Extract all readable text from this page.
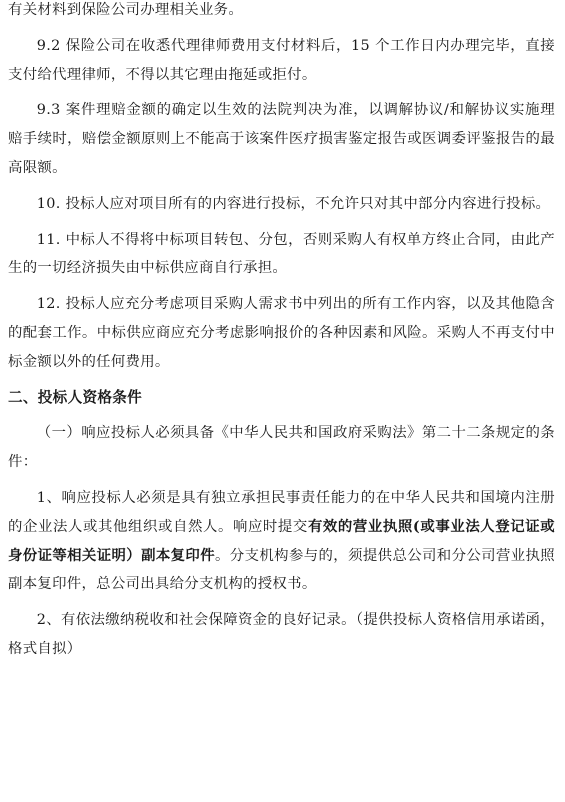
有关材料到保险公司办理相关业务。

9.2 保险公司在收悉代理律师费用支付材料后，15 个工作日内办理完毕，直接支付给代理律师，不得以其它理由拖延或拒付。

9.3 案件理赔金额的确定以生效的法院判决为准，以调解协议/和解协议实施理赔手续时，赔偿金额原则上不能高于该案件医疗损害鉴定报告或医调委评鉴报告的最高限额。

10. 投标人应对项目所有的内容进行投标，不允许只对其中部分内容进行投标。

11. 中标人不得将中标项目转包、分包，否则采购人有权单方终止合同，由此产生的一切经济损失由中标供应商自行承担。

12. 投标人应充分考虑项目采购人需求书中列出的所有工作内容，以及其他隐含的配套工作。中标供应商应充分考虑影响报价的各种因素和风险。采购人不再支付中标金额以外的任何费用。

二、投标人资格条件

（一）响应投标人必须具备《中华人民共和国政府采购法》第二十二条规定的条件：

1、响应投标人必须是具有独立承担民事责任能力的在中华人民共和国境内注册的企业法人或其他组织或自然人。响应时提交有效的营业执照(或事业法人登记证或身份证等相关证明）副本复印件。分支机构参与的，须提供总公司和分公司营业执照副本复印件，总公司出具给分支机构的授权书。

2、有依法缴纳税收和社会保障资金的良好记录。（提供投标人资格信用承诺函，格式自拟）
